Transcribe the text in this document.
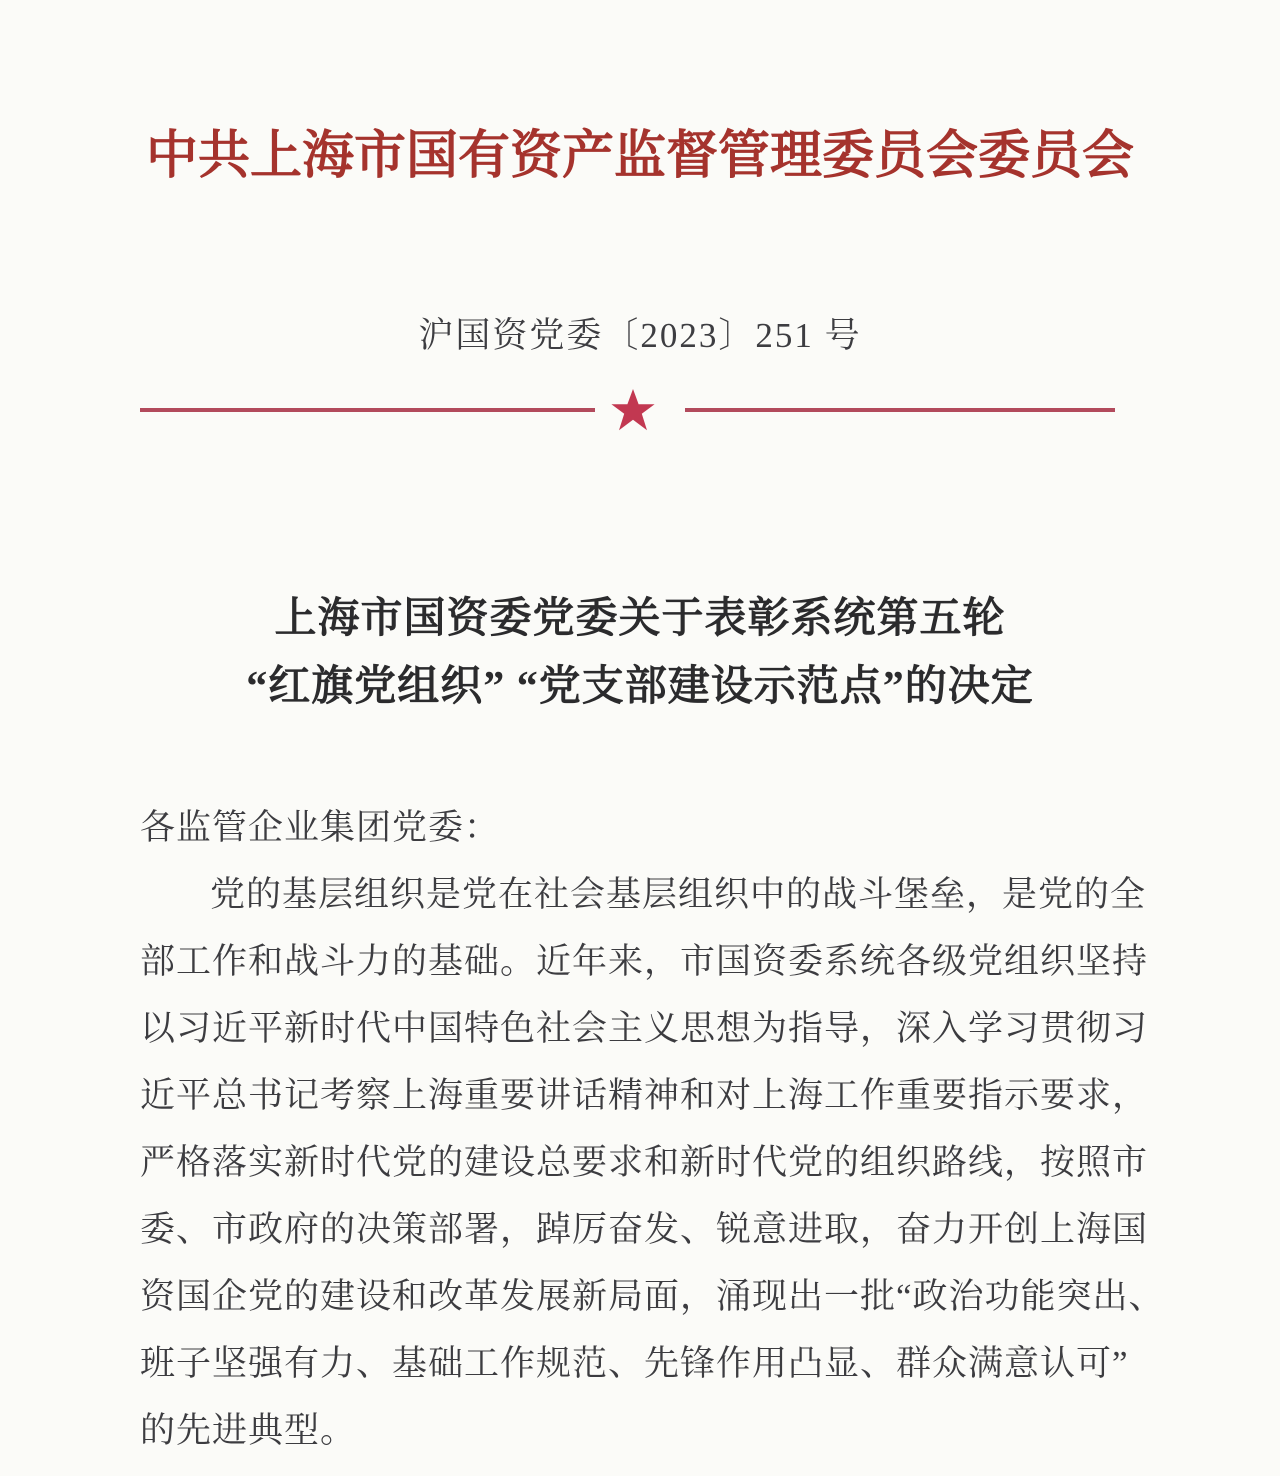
中共上海市国有资产监督管理委员会委员会
沪国资党委〔2023〕251 号
上海市国资委党委关于表彰系统第五轮
“红旗党组织” “党支部建设示范点”的决定
各监管企业集团党委：
党的基层组织是党在社会基层组织中的战斗堡垒，是党的全
部工作和战斗力的基础。近年来，市国资委系统各级党组织坚持
以习近平新时代中国特色社会主义思想为指导，深入学习贯彻习
近平总书记考察上海重要讲话精神和对上海工作重要指示要求，
严格落实新时代党的建设总要求和新时代党的组织路线，按照市
委、市政府的决策部署，踔厉奋发、锐意进取，奋力开创上海国
资国企党的建设和改革发展新局面，涌现出一批“政治功能突出、
班子坚强有力、基础工作规范、先锋作用凸显、群众满意认可”
的先进典型。
